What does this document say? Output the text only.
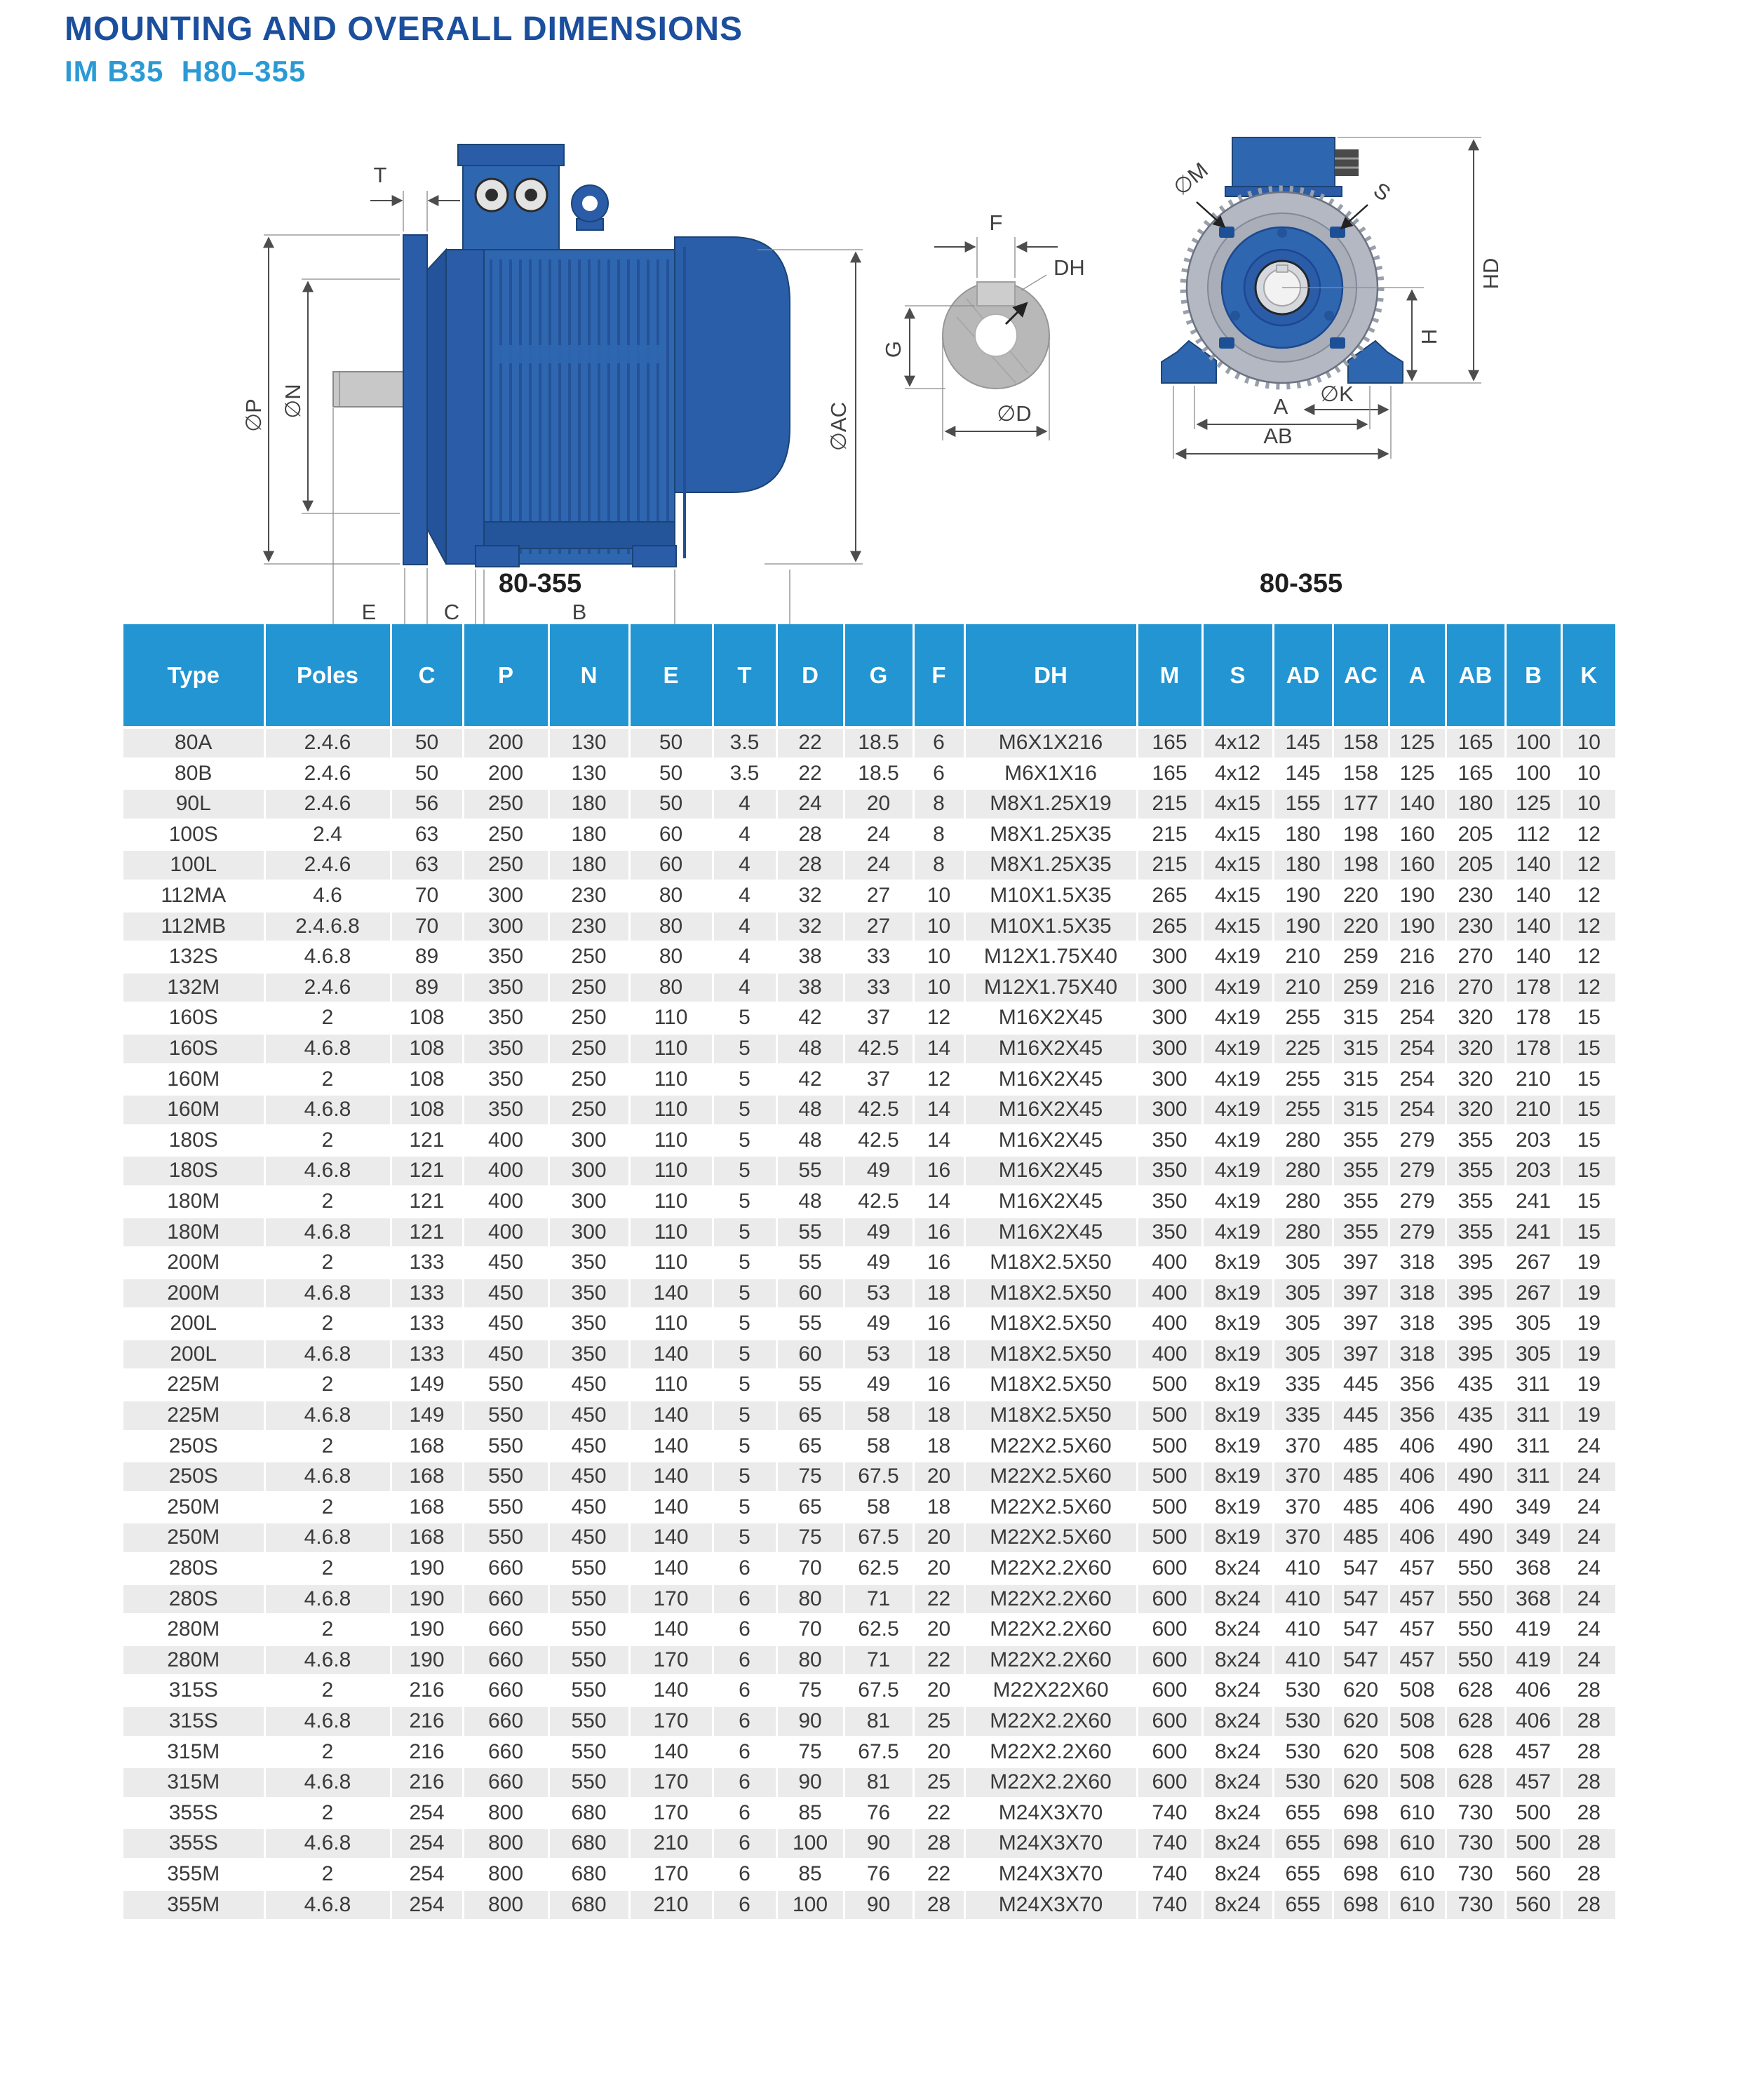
MOUNTING AND OVERALL DIMENSIONS
IM B35  H80–355
T
∅P ∅N
∅AC
E	C	B
F
DH
G
∅D
∅M	S
HD
H
∅K
A
AB
80-355	80-355
Type	Poles	C	P	N	E	T	D	G	F	DH	M	S	AD	AC	A	AB	B	K
80A	2.4.6	50	200	130	50	3.5	22	18.5	6	M6X1X216	165	4x12	145	158	125	165	100	10
80B	2.4.6	50	200	130	50	3.5	22	18.5	6	M6X1X16	165	4x12	145	158	125	165	100	10
90L	2.4.6	56	250	180	50	4	24	20	8	M8X1.25X19	215	4x15	155	177	140	180	125	10
100S	2.4	63	250	180	60	4	28	24	8	M8X1.25X35	215	4x15	180	198	160	205	112	12
100L	2.4.6	63	250	180	60	4	28	24	8	M8X1.25X35	215	4x15	180	198	160	205	140	12
112MA	4.6	70	300	230	80	4	32	27	10	M10X1.5X35	265	4x15	190	220	190	230	140	12
112MB	2.4.6.8	70	300	230	80	4	32	27	10	M10X1.5X35	265	4x15	190	220	190	230	140	12
132S	4.6.8	89	350	250	80	4	38	33	10	M12X1.75X40	300	4x19	210	259	216	270	140	12
132M	2.4.6	89	350	250	80	4	38	33	10	M12X1.75X40	300	4x19	210	259	216	270	178	12
160S	2	108	350	250	110	5	42	37	12	M16X2X45	300	4x19	255	315	254	320	178	15
160S	4.6.8	108	350	250	110	5	48	42.5	14	M16X2X45	300	4x19	225	315	254	320	178	15
160M	2	108	350	250	110	5	42	37	12	M16X2X45	300	4x19	255	315	254	320	210	15
160M	4.6.8	108	350	250	110	5	48	42.5	14	M16X2X45	300	4x19	255	315	254	320	210	15
180S	2	121	400	300	110	5	48	42.5	14	M16X2X45	350	4x19	280	355	279	355	203	15
180S	4.6.8	121	400	300	110	5	55	49	16	M16X2X45	350	4x19	280	355	279	355	203	15
180M	2	121	400	300	110	5	48	42.5	14	M16X2X45	350	4x19	280	355	279	355	241	15
180M	4.6.8	121	400	300	110	5	55	49	16	M16X2X45	350	4x19	280	355	279	355	241	15
200M	2	133	450	350	110	5	55	49	16	M18X2.5X50	400	8x19	305	397	318	395	267	19
200M	4.6.8	133	450	350	140	5	60	53	18	M18X2.5X50	400	8x19	305	397	318	395	267	19
200L	2	133	450	350	110	5	55	49	16	M18X2.5X50	400	8x19	305	397	318	395	305	19
200L	4.6.8	133	450	350	140	5	60	53	18	M18X2.5X50	400	8x19	305	397	318	395	305	19
225M	2	149	550	450	110	5	55	49	16	M18X2.5X50	500	8x19	335	445	356	435	311	19
225M	4.6.8	149	550	450	140	5	65	58	18	M18X2.5X50	500	8x19	335	445	356	435	311	19
250S	2	168	550	450	140	5	65	58	18	M22X2.5X60	500	8x19	370	485	406	490	311	24
250S	4.6.8	168	550	450	140	5	75	67.5	20	M22X2.5X60	500	8x19	370	485	406	490	311	24
250M	2	168	550	450	140	5	65	58	18	M22X2.5X60	500	8x19	370	485	406	490	349	24
250M	4.6.8	168	550	450	140	5	75	67.5	20	M22X2.5X60	500	8x19	370	485	406	490	349	24
280S	2	190	660	550	140	6	70	62.5	20	M22X2.2X60	600	8x24	410	547	457	550	368	24
280S	4.6.8	190	660	550	170	6	80	71	22	M22X2.2X60	600	8x24	410	547	457	550	368	24
280M	2	190	660	550	140	6	70	62.5	20	M22X2.2X60	600	8x24	410	547	457	550	419	24
280M	4.6.8	190	660	550	170	6	80	71	22	M22X2.2X60	600	8x24	410	547	457	550	419	24
315S	2	216	660	550	140	6	75	67.5	20	M22X22X60	600	8x24	530	620	508	628	406	28
315S	4.6.8	216	660	550	170	6	90	81	25	M22X2.2X60	600	8x24	530	620	508	628	406	28
315M	2	216	660	550	140	6	75	67.5	20	M22X2.2X60	600	8x24	530	620	508	628	457	28
315M	4.6.8	216	660	550	170	6	90	81	25	M22X2.2X60	600	8x24	530	620	508	628	457	28
355S	2	254	800	680	170	6	85	76	22	M24X3X70	740	8x24	655	698	610	730	500	28
355S	4.6.8	254	800	680	210	6	100	90	28	M24X3X70	740	8x24	655	698	610	730	500	28
355M	2	254	800	680	170	6	85	76	22	M24X3X70	740	8x24	655	698	610	730	560	28
355M	4.6.8	254	800	680	210	6	100	90	28	M24X3X70	740	8x24	655	698	610	730	560	28
